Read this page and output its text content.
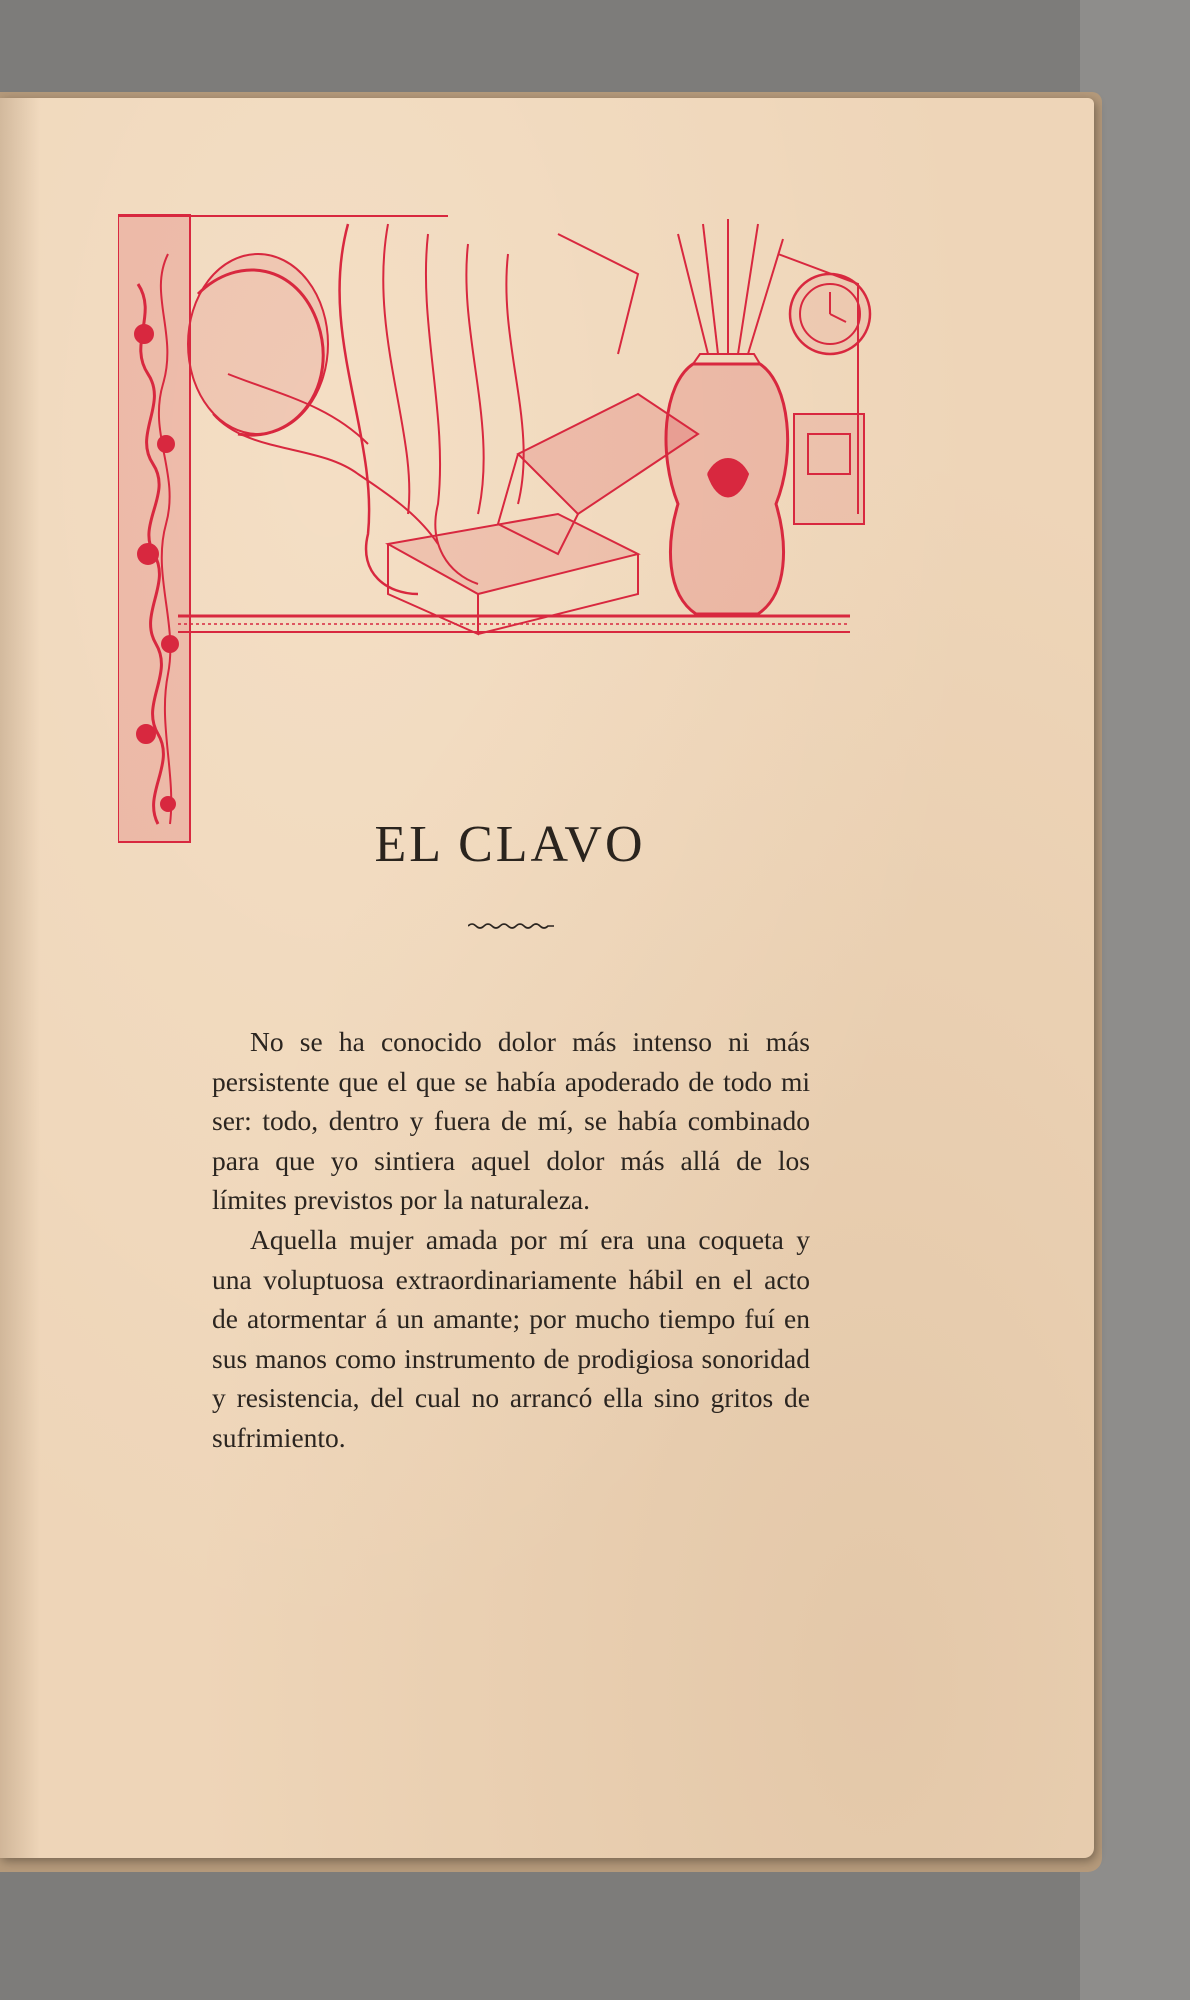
EL CLAVO

No se ha conocido dolor más intenso ni más persistente que el que se había apoderado de todo mi ser: todo, dentro y fuera de mí, se había combinado para que yo sintiera aquel dolor más allá de los límites previstos por la naturaleza.

Aquella mujer amada por mí era una coqueta y una voluptuosa extraordinariamente hábil en el acto de atormentar á un amante; por mucho tiempo fuí en sus manos como instrumento de prodigiosa sonoridad y resistencia, del cual no arrancó ella sino gritos de sufrimiento.
